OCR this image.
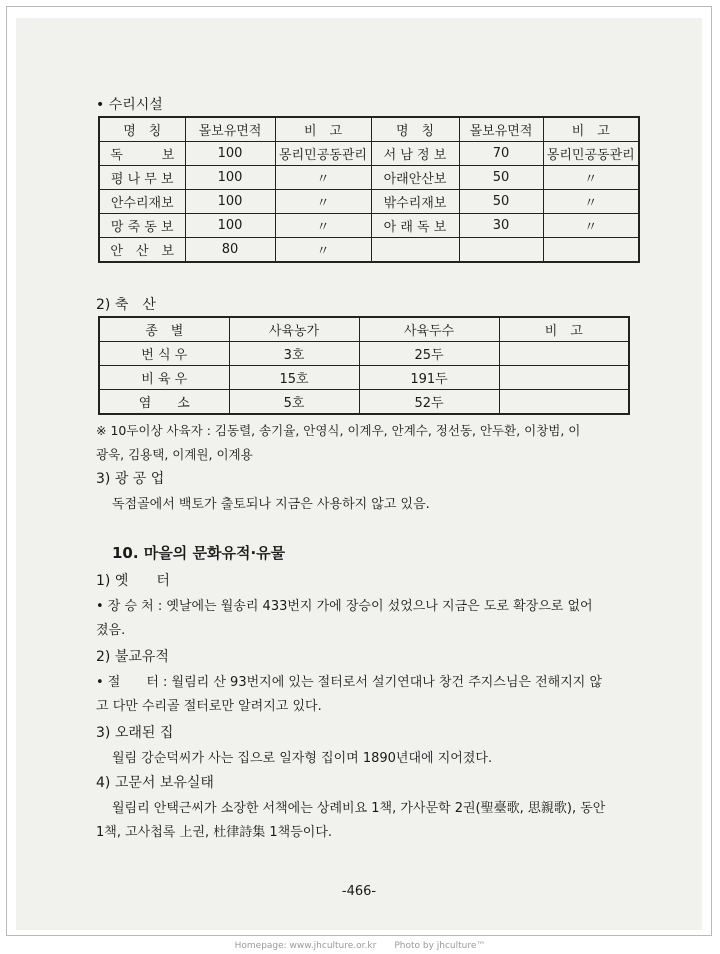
• 수리시설
명　칭	몰보유면적	비　고	명　칭	몰보유면적	비　고
독　　　보	100	몽리민공동관리	서 남 정 보	70	몽리민공동관리
평 나 무 보	100	〃	아래안산보	50	〃
안수리재보	100	〃	밖수리재보	50	〃
망 죽 동 보	100	〃	아 래 독 보	30	〃
안　산　보	80	〃			
2) 축　산
종　별	사육농가	사육두수	비　고
번 식 우	3호	25두	
비 육 우	15호	191두	
염　　소	5호	52두	
※ 10두이상 사육자 : 김동렬, 송기율, 안영식, 이계우, 안계수, 정선동, 안두환, 이창범, 이
광욱, 김용택, 이계원, 이계용
3) 광 공 업
독점골에서 백토가 출토되나 지금은 사용하지 않고 있음.
10. 마을의 문화유적·유물
1) 옛　　터
• 장 승 처 : 옛날에는 월송리 433번지 가에 장승이 섰었으나 지금은 도로 확장으로 없어
졌음.
2) 불교유적
• 절　　터 : 월림리 산 93번지에 있는 절터로서 설기연대나 창건 주지스님은 전해지지 않
고 다만 수리골 절터로만 알려지고 있다.
3) 오래된 집
월림 강순덕씨가 사는 집으로 일자형 집이며 1890년대에 지어졌다.
4) 고문서 보유실태
월림리 안택근씨가 소장한 서책에는 상례비요 1책, 가사문학 2권(聖臺歌, 思親歌), 동안
1책, 고사첩록 上권, 杜律詩集 1책등이다.
-466-
Homepage: www.jhculture.or.kr　　Photo by jhculture™
